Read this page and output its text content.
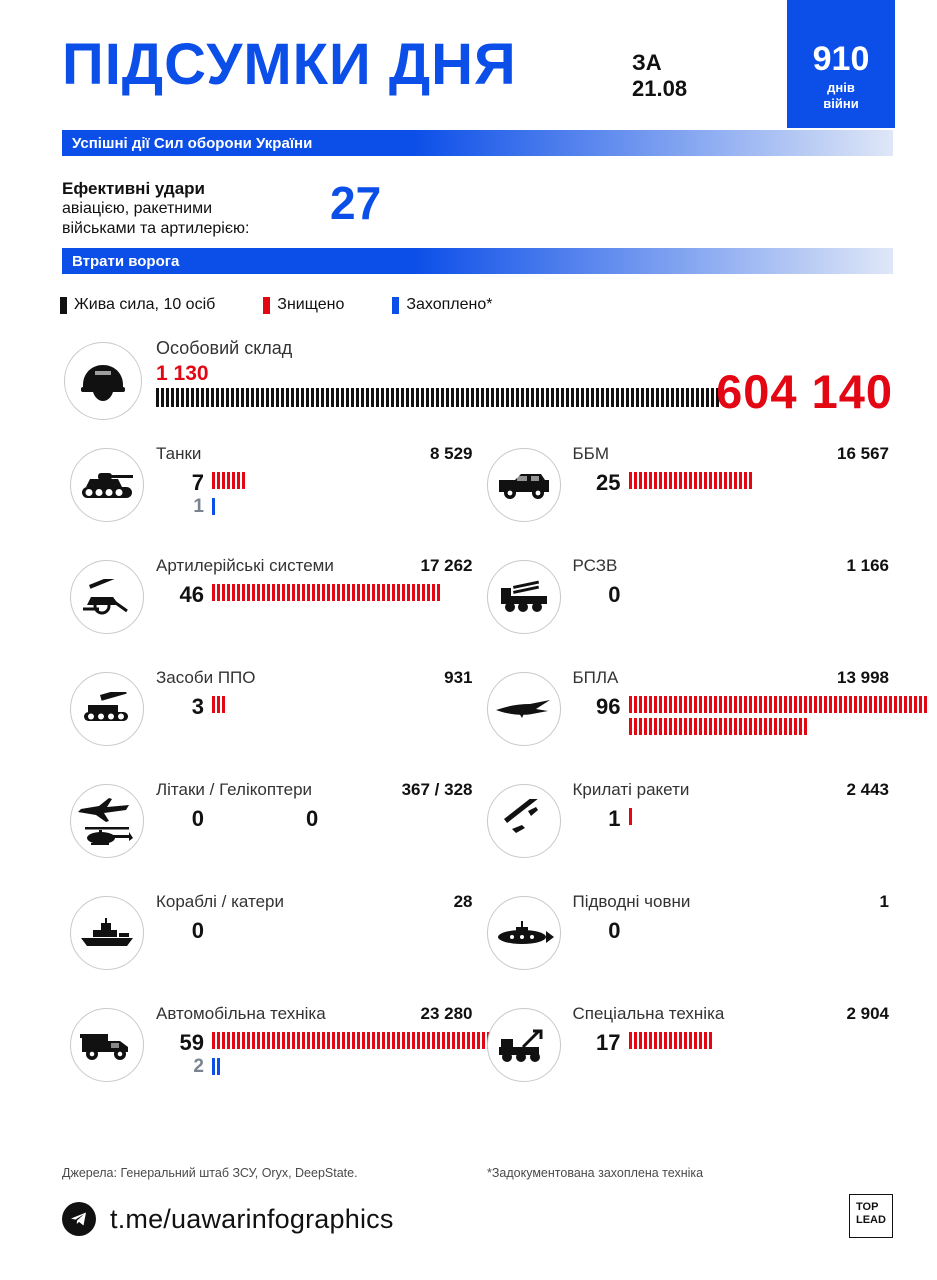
ПІДСУМКИ ДНЯ	ЗА
21.08
910
днів
війни
Успішні дії Сил оборони України
Ефективні удари
авіацією, ракетними
військами та артилерією:	27
Втрати ворога
Жива сила, 10 осіб	Знищено	Захоплено*
Особовий склад
1 130	604 140
Танки	8 529
7
1
ББМ	16 567
25
Артилерійські системи	17 262
46
РСЗВ	1 166
0
Засоби ППО	931
3
БПЛА	13 998
96
Літаки / Гелікоптери	367 / 328
0	0
Крилаті ракети	2 443
1
Кораблі / катери	28
0
Підводні човни	1
0
Автомобільна технiка	23 280
59
2
Спеціальна техніка	2 904
17
Джерела: Генеральний штаб ЗСУ, Oryx, DeepState.	*Задокументована захоплена техніка
t.me/uawarinfographics	TOP
LEAD
